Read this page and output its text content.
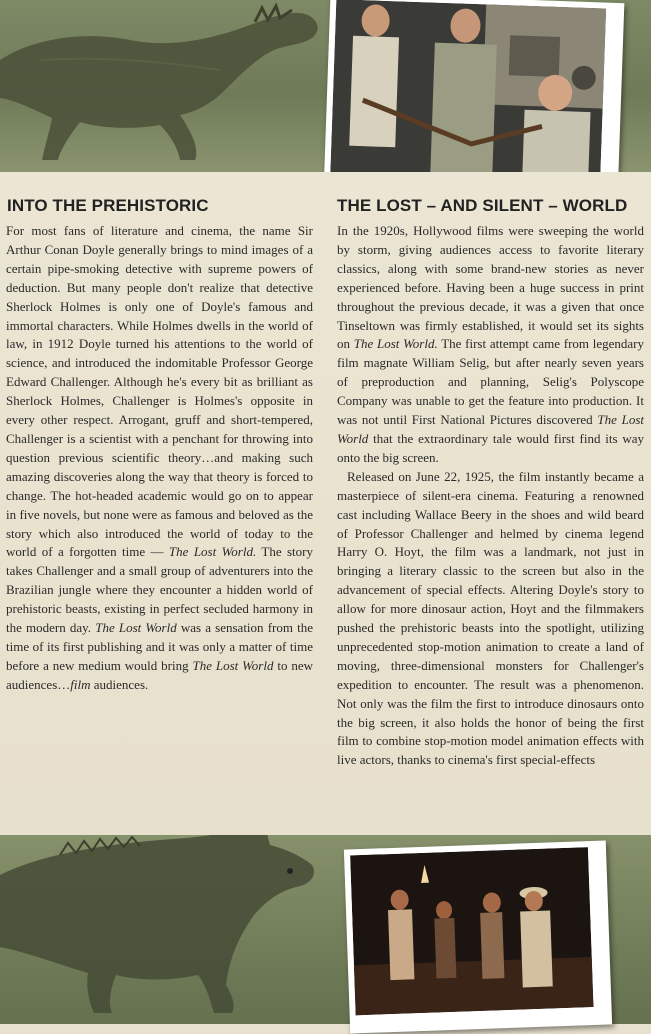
INTO THE PREHISTORIC	THE LOST – AND SILENT – WORLD

For most fans of literature and cinema, the name Sir Arthur Conan Doyle generally brings to mind images of a certain pipe-smoking detective with supreme powers of deduction. But many people don't realize that detective Sherlock Holmes is only one of Doyle's famous and immortal characters. While Holmes dwells in the world of law, in 1912 Doyle turned his attentions to the world of science, and introduced the indomitable Professor George Edward Challenger. Although he's every bit as brilliant as Sherlock Holmes, Challenger is Holmes's opposite in every other respect. Arrogant, gruff and short-tempered, Challenger is a scientist with a penchant for throwing into question previous scientific theory…and making such amazing discoveries along the way that theory is forced to change. The hot-headed academic would go on to appear in five novels, but none were as famous and beloved as the story which also introduced the world of today to the world of a forgotten time — The Lost World. The story takes Challenger and a small group of adventurers into the Brazilian jungle where they encounter a hidden world of prehistoric beasts, existing in perfect secluded harmony in the modern day. The Lost World was a sensation from the time of its first publishing and it was only a matter of time before a new medium would bring The Lost World to new audiences…film audiences.

In the 1920s, Hollywood films were sweeping the world by storm, giving audiences access to favorite literary classics, along with some brand-new stories as never experienced before. Having been a huge success in print throughout the previous decade, it was a given that once Tinseltown was firmly established, it would set its sights on The Lost World. The first attempt came from legendary film magnate William Selig, but after nearly seven years of preproduction and planning, Selig's Polyscope Company was unable to get the feature into production. It was not until First National Pictures discovered The Lost World that the extraordinary tale would first find its way onto the big screen.

Released on June 22, 1925, the film instantly became a masterpiece of silent-era cinema. Featuring a renowned cast including Wallace Beery in the shoes and wild beard of Professor Challenger and helmed by cinema legend Harry O. Hoyt, the film was a landmark, not just in bringing a literary classic to the screen but also in the advancement of special effects. Altering Doyle's story to allow for more dinosaur action, Hoyt and the filmmakers pushed the prehistoric beasts into the spotlight, utilizing unprecedented stop-motion animation to create a land of moving, three-dimensional monsters for Challenger's expedition to encounter. The result was a phenomenon. Not only was the film the first to introduce dinosaurs onto the big screen, it also holds the honor of being the first film to combine stop-motion model animation effects with live actors, thanks to cinema's first special-effects
